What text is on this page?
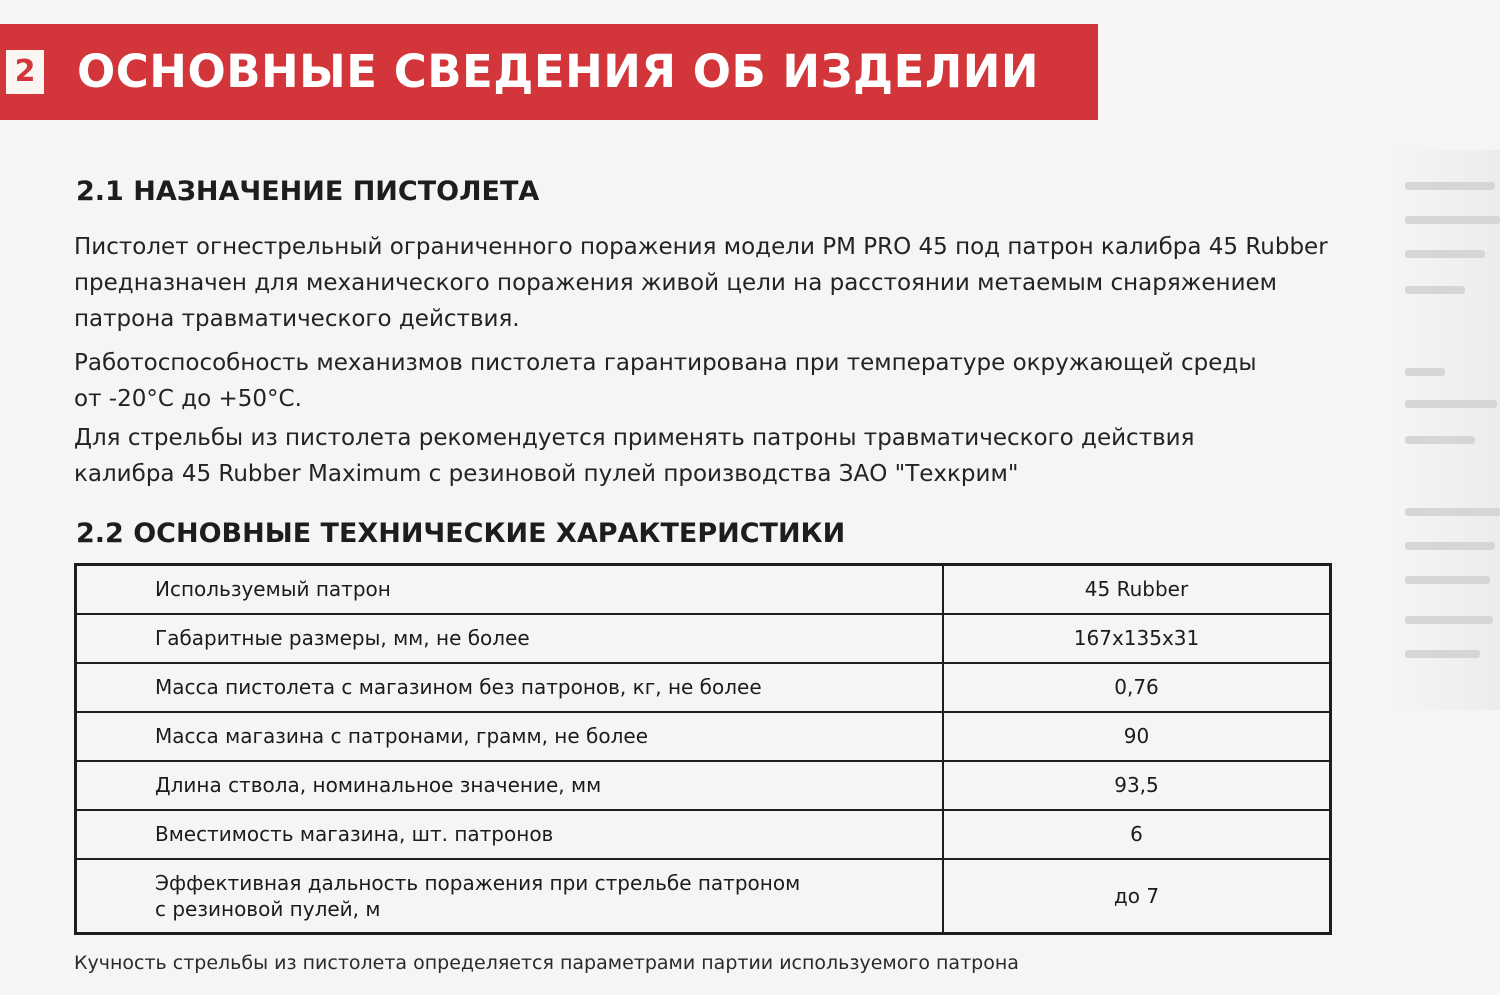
2 ОСНОВНЫЕ СВЕДЕНИЯ ОБ ИЗДЕЛИИ
2.1 НАЗНАЧЕНИЕ ПИСТОЛЕТА
Пистолет огнестрельный ограниченного поражения модели PM PRO 45 под патрон калибра 45 Rubber
предназначен для механического поражения живой цели на расстоянии метаемым снаряжением
патрона травматического действия.
Работоспособность механизмов пистолета гарантирована при температуре окружающей среды
от -20°С до +50°С.
Для стрельбы из пистолета рекомендуется применять патроны травматического действия
калибра 45 Rubber Maximum с резиновой пулей производства ЗАО "Техкрим"
2.2 ОСНОВНЫЕ ТЕХНИЧЕСКИЕ ХАРАКТЕРИСТИКИ
Используемый патрон	45 Rubber
Габаритные размеры, мм, не более	167x135x31
Масса пистолета с магазином без патронов, кг, не более	0,76
Масса магазина с патронами, грамм, не более	90
Длина ствола, номинальное значение, мм	93,5
Вместимость магазина, шт. патронов	6

Эффективная дальность поражения при стрельбе патроном
с резиновой пулей, м	до 7
Кучность стрельбы из пистолета определяется параметрами партии используемого патрона
